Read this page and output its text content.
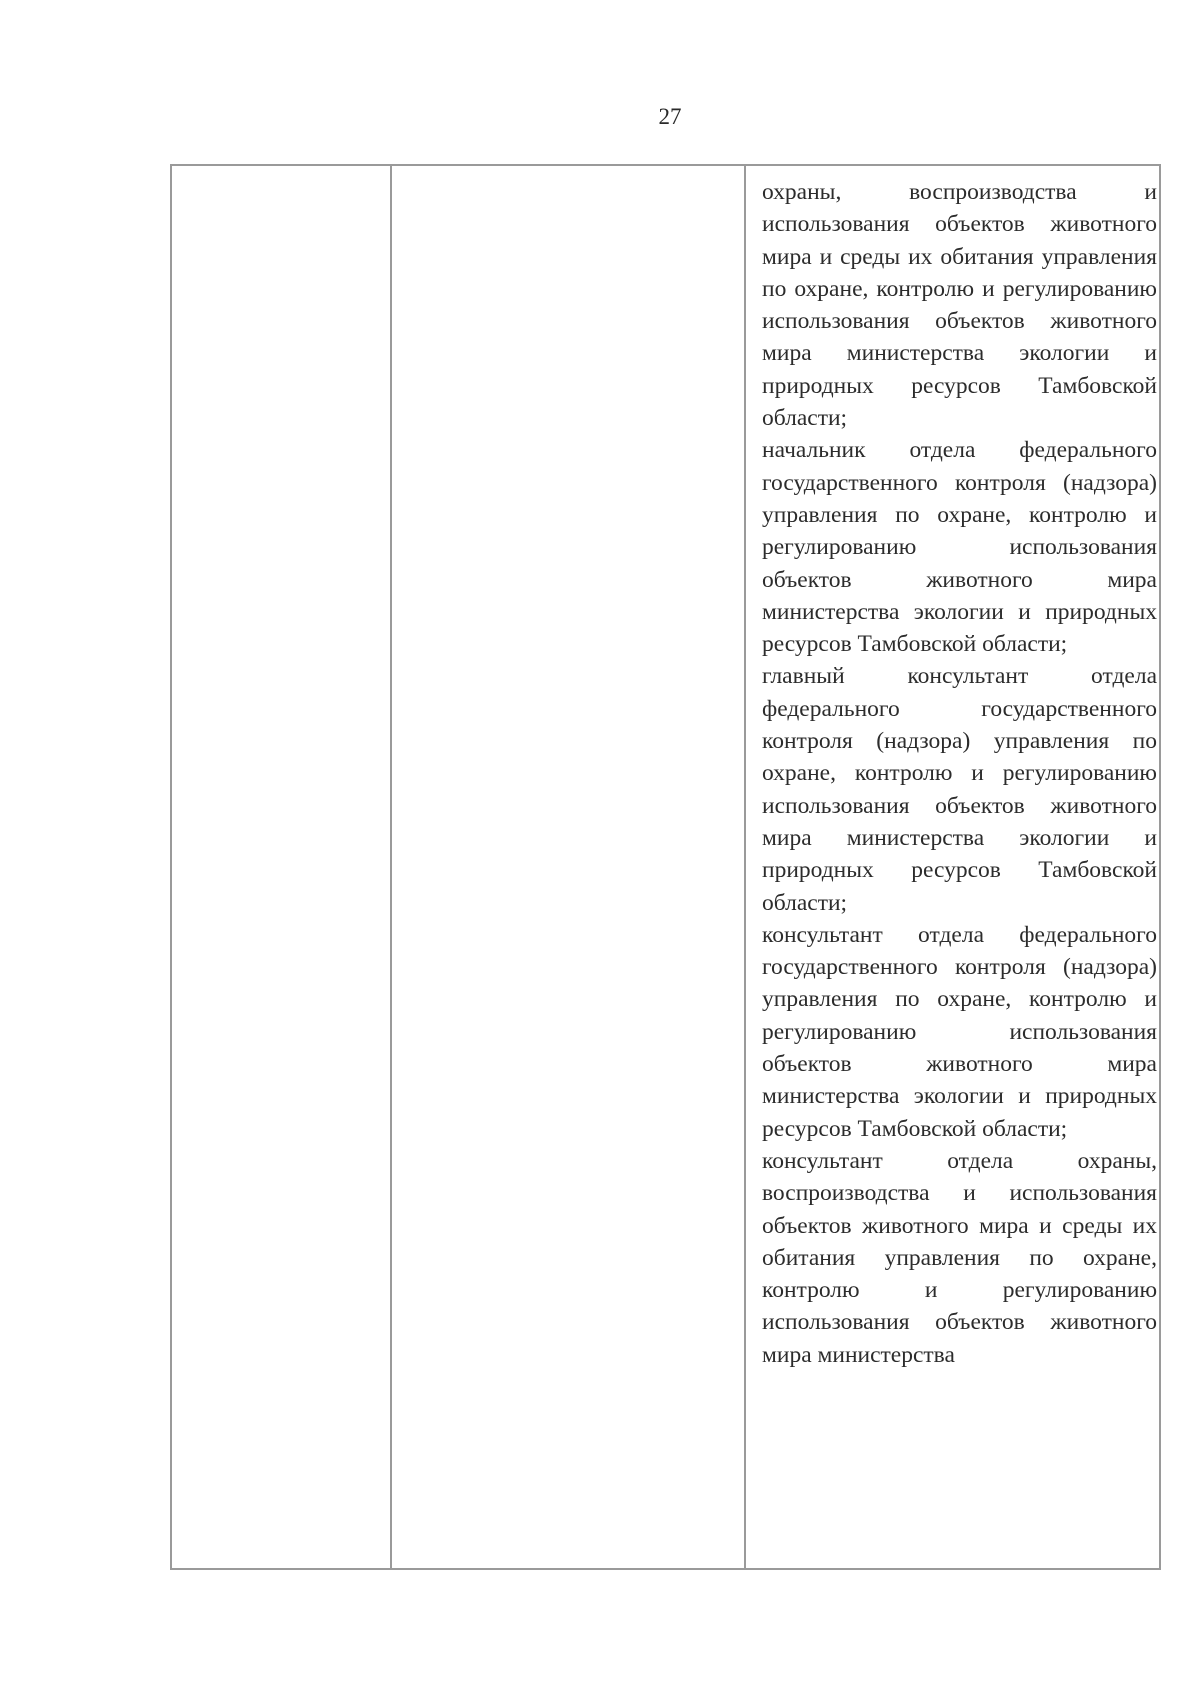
27

охраны, воспроизводства и использования объектов животного мира и среды их обитания управления по охране, контролю и регулированию использования объектов животного мира министерства экологии и природных ресурсов Тамбовской области;

начальник отдела федерального государственного контроля (надзора) управления по охране, контролю и регулированию использования объектов животного мира министерства экологии и природных ресурсов Тамбовской области;

главный консультант отдела федерального государственного контроля (надзора) управления по охране, контролю и регулированию использования объектов животного мира министерства экологии и природных ресурсов Тамбовской области;

консультант отдела федерального государственного контроля (надзора) управления по охране, контролю и регулированию использования объектов животного мира министерства экологии и природных ресурсов Тамбовской области;

консультант отдела охраны, воспроизводства и использования объектов животного мира и среды их обитания управления по охране, контролю и регулированию использования объектов животного мира министерства
